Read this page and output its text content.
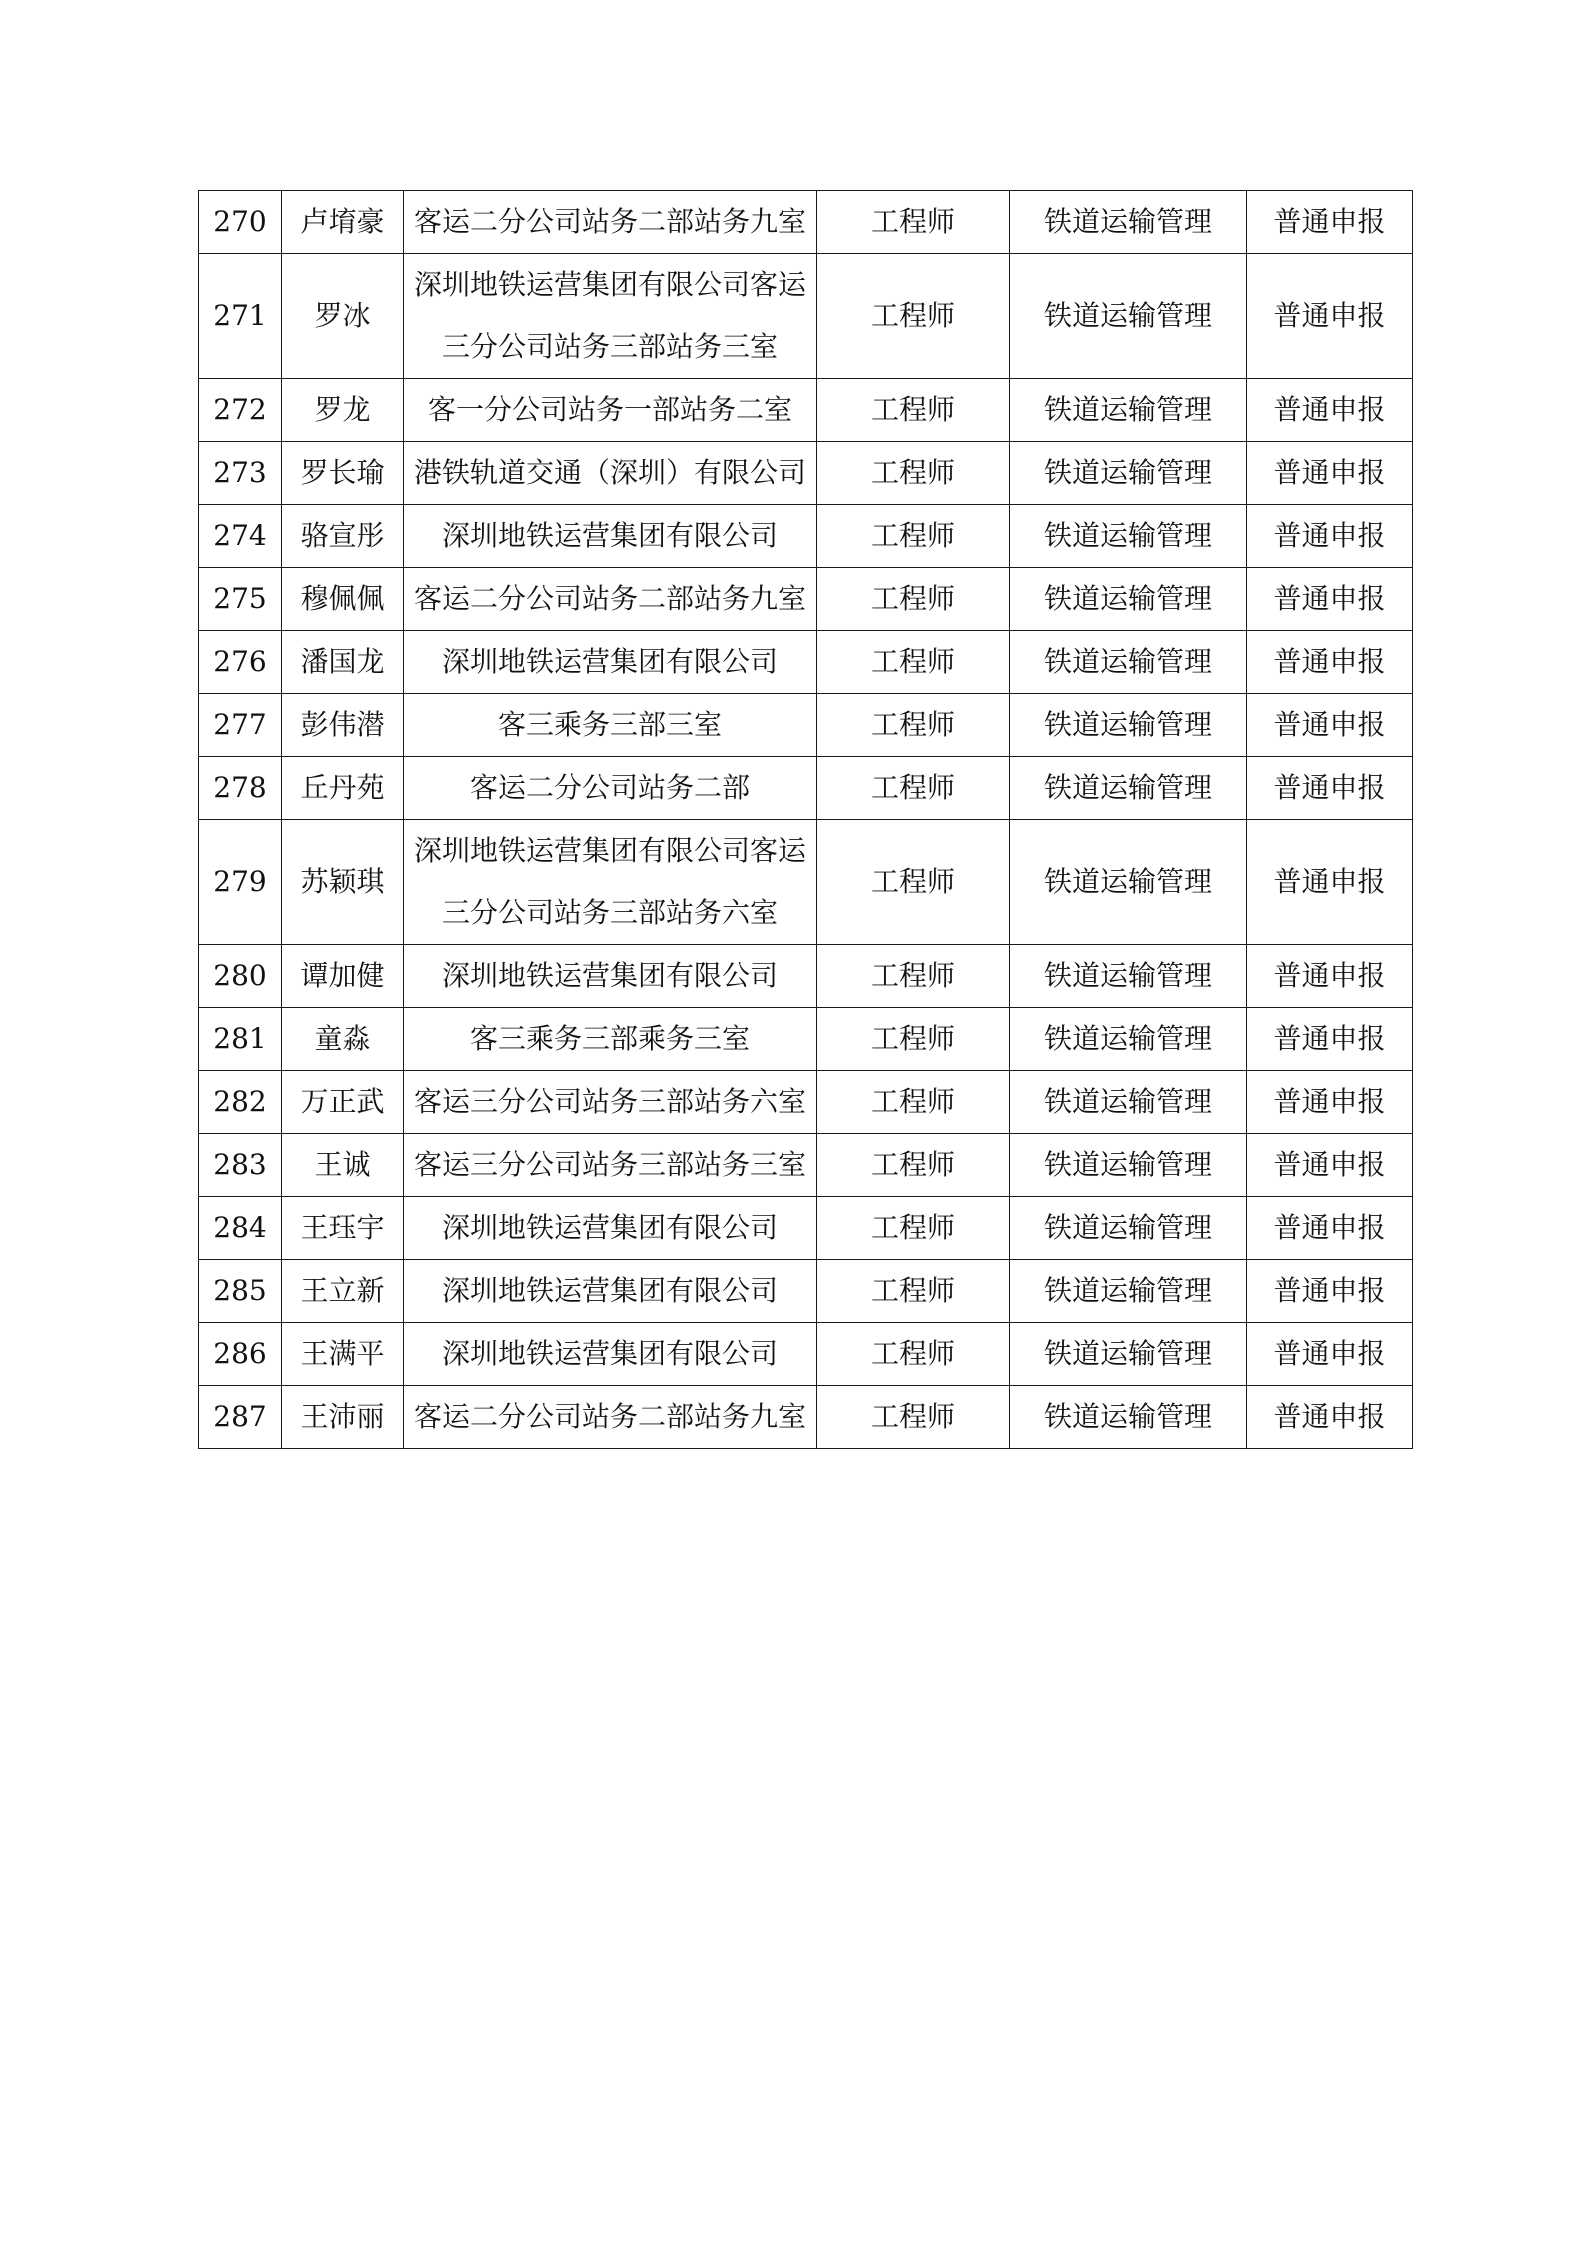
270	卢堉豪	客运二分公司站务二部站务九室	工程师	铁道运输管理	普通申报
271	罗冰	深圳地铁运营集团有限公司客运三分公司站务三部站务三室	工程师	铁道运输管理	普通申报
272	罗龙	客一分公司站务一部站务二室	工程师	铁道运输管理	普通申报
273	罗长瑜	港铁轨道交通（深圳）有限公司	工程师	铁道运输管理	普通申报
274	骆宣彤	深圳地铁运营集团有限公司	工程师	铁道运输管理	普通申报
275	穆佩佩	客运二分公司站务二部站务九室	工程师	铁道运输管理	普通申报
276	潘国龙	深圳地铁运营集团有限公司	工程师	铁道运输管理	普通申报
277	彭伟潜	客三乘务三部三室	工程师	铁道运输管理	普通申报
278	丘丹苑	客运二分公司站务二部	工程师	铁道运输管理	普通申报
279	苏颖琪	深圳地铁运营集团有限公司客运三分公司站务三部站务六室	工程师	铁道运输管理	普通申报
280	谭加健	深圳地铁运营集团有限公司	工程师	铁道运输管理	普通申报
281	童淼	客三乘务三部乘务三室	工程师	铁道运输管理	普通申报
282	万正武	客运三分公司站务三部站务六室	工程师	铁道运输管理	普通申报
283	王诚	客运三分公司站务三部站务三室	工程师	铁道运输管理	普通申报
284	王珏宇	深圳地铁运营集团有限公司	工程师	铁道运输管理	普通申报
285	王立新	深圳地铁运营集团有限公司	工程师	铁道运输管理	普通申报
286	王满平	深圳地铁运营集团有限公司	工程师	铁道运输管理	普通申报
287	王沛丽	客运二分公司站务二部站务九室	工程师	铁道运输管理	普通申报
